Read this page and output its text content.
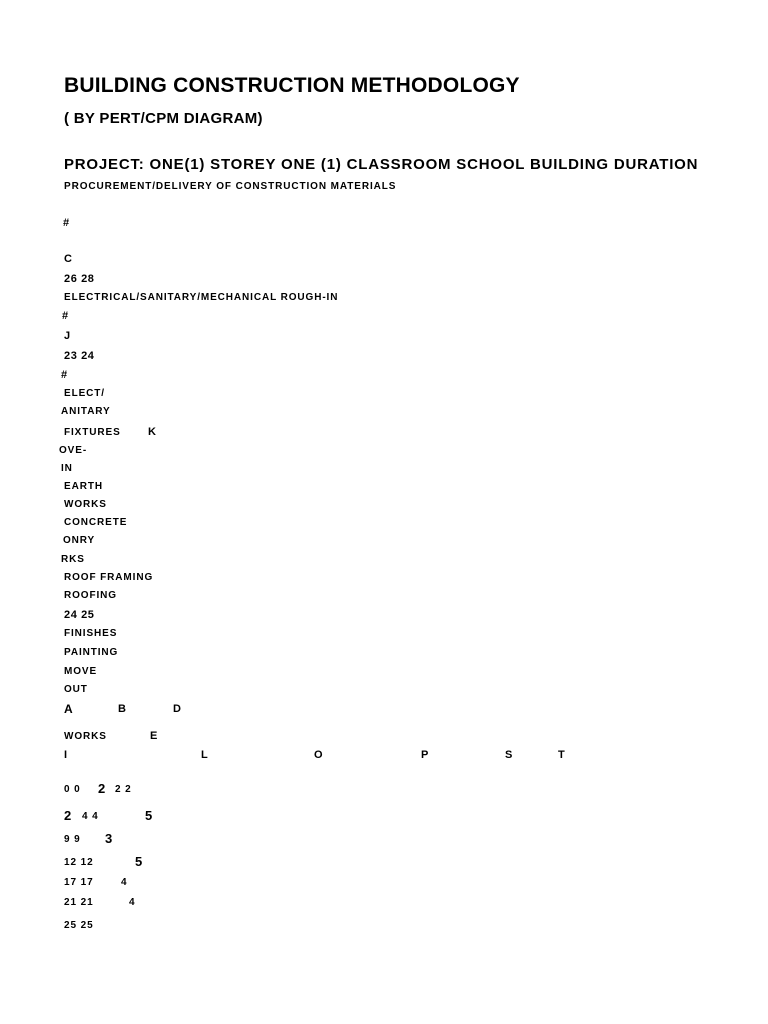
BUILDING CONSTRUCTION METHODOLOGY
( BY PERT/CPM DIAGRAM)
PROJECT: ONE(1) STOREY ONE (1) CLASSROOM SCHOOL BUILDING DURATION
PROCUREMENT/DELIVERY OF CONSTRUCTION MATERIALS
#
C
26 28
ELECTRICAL/SANITARY/MECHANICAL ROUGH-IN
#
J
23 24
#
ELECT/
ANITARY
FIXTURES K
OVE-
IN
EARTH
WORKS
CONCRETE
ONRY
RKS
ROOF FRAMING
ROOFING
24 25
FINISHES
PAINTING
MOVE
OUT
A	B	D
WORKS	E
I	L	O	P	S	T
0 0 2 2 2
2 4 4	5
9 9 3
12 12	5
17 17	4
21 21	4
25 25
